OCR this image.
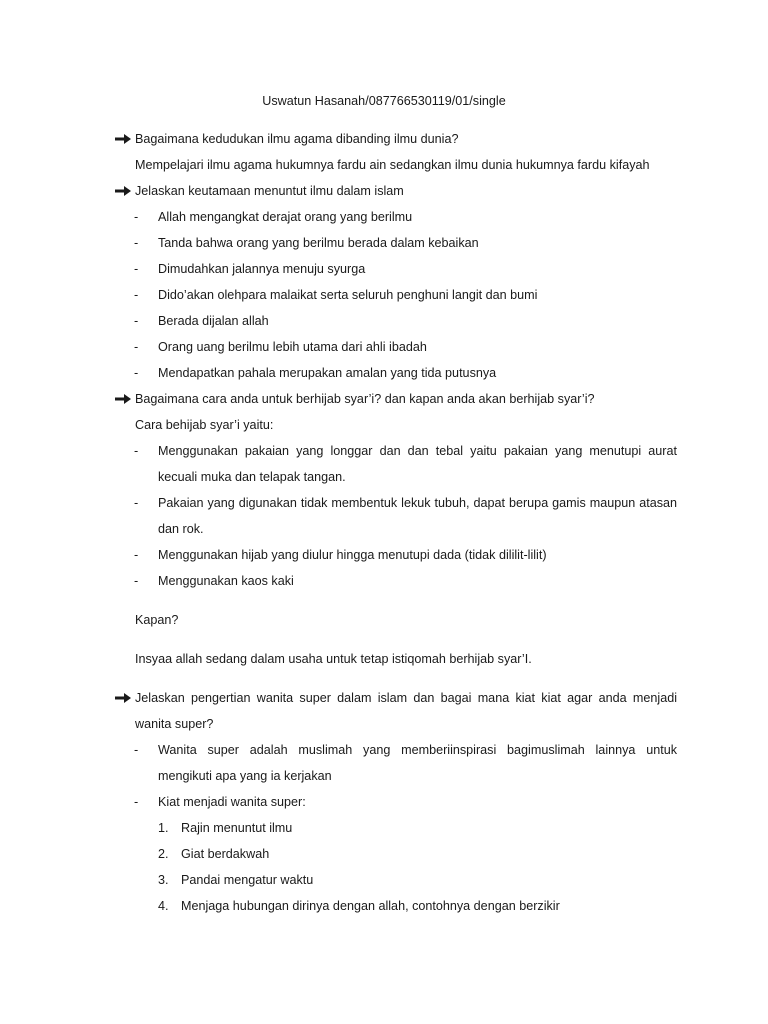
Uswatun Hasanah/087766530119/01/single
Bagaimana kedudukan ilmu agama dibanding ilmu dunia?
Mempelajari ilmu agama hukumnya fardu ain sedangkan ilmu dunia hukumnya fardu kifayah
Jelaskan keutamaan menuntut ilmu dalam islam
-	Allah mengangkat derajat orang yang berilmu
-	Tanda bahwa orang yang berilmu berada dalam kebaikan
-	Dimudahkan jalannya menuju syurga
-	Dido’akan olehpara malaikat serta seluruh penghuni langit dan bumi
-	Berada dijalan allah
-	Orang uang berilmu lebih utama dari ahli ibadah
-	Mendapatkan pahala merupakan amalan yang tida putusnya
Bagaimana cara anda untuk berhijab syar’i? dan kapan anda akan berhijab syar’i?
Cara behijab syar’i yaitu:
-	Menggunakan pakaian yang longgar dan dan tebal yaitu pakaian yang menutupi aurat
kecuali muka dan telapak tangan.
-	Pakaian yang digunakan tidak membentuk lekuk tubuh, dapat berupa gamis maupun atasan
dan rok.
-	Menggunakan hijab yang diulur hingga menutupi dada (tidak dililit-lilit)
-	Menggunakan kaos kaki
Kapan?
Insyaa allah sedang dalam usaha untuk tetap istiqomah berhijab syar’I.
Jelaskan pengertian wanita super dalam islam dan bagai mana kiat kiat agar anda menjadi
wanita super?
-	Wanita super adalah muslimah yang memberiinspirasi bagimuslimah lainnya untuk
mengikuti apa yang ia kerjakan
-	Kiat menjadi wanita super:
1. Rajin menuntut ilmu
2. Giat berdakwah
3. Pandai mengatur waktu
4. Menjaga hubungan dirinya dengan allah, contohnya dengan berzikir
